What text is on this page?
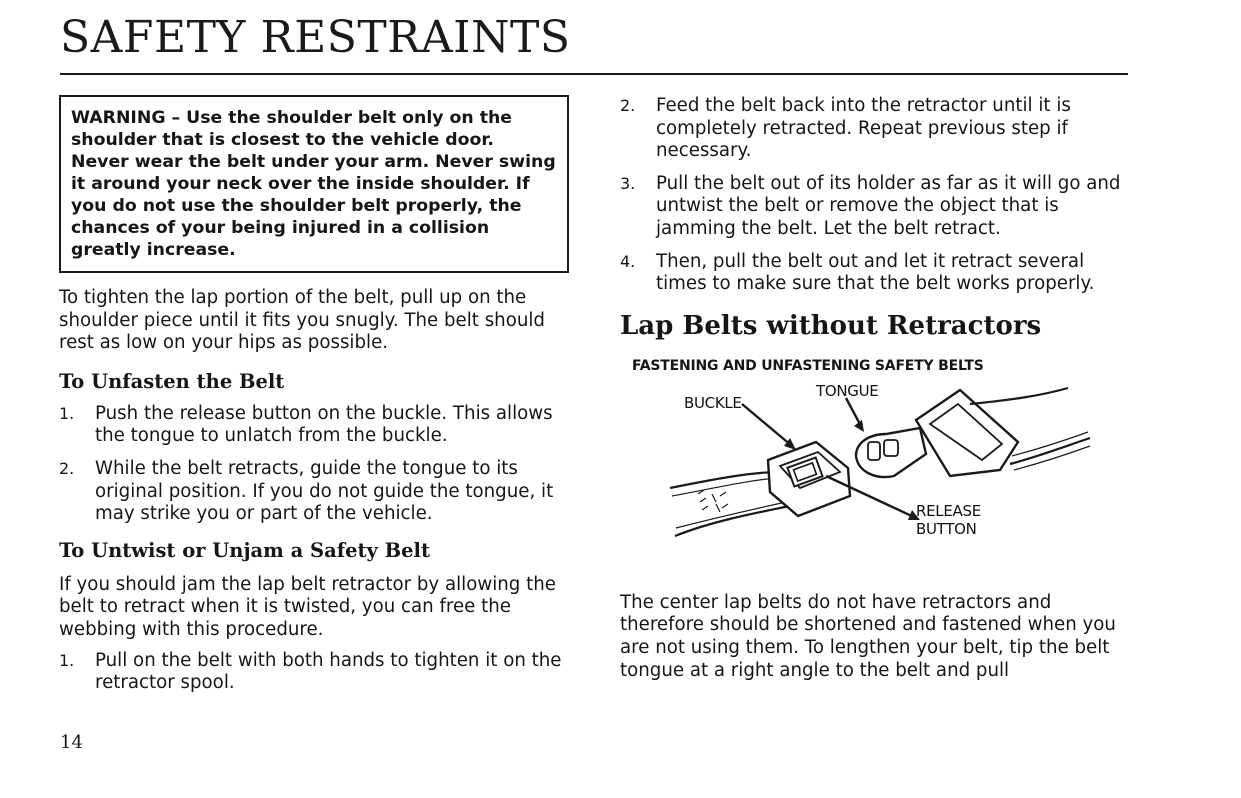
SAFETY RESTRAINTS
WARNING – Use the shoulder belt only on the shoulder that is closest to the vehicle door. Never wear the belt under your arm. Never swing it around your neck over the inside shoulder. If you do not use the shoulder belt properly, the chances of your being injured in a collision greatly increase.

To tighten the lap portion of the belt, pull up on the shoulder piece until it fits you snugly. The belt should rest as low on your hips as possible.

To Unfasten the Belt
1. Push the release button on the buckle. This allows the tongue to unlatch from the buckle.
2. While the belt retracts, guide the tongue to its original position. If you do not guide the tongue, it may strike you or part of the vehicle.
To Untwist or Unjam a Safety Belt

If you should jam the lap belt retractor by allowing the belt to retract when it is twisted, you can free the webbing with this procedure.

1. Pull on the belt with both hands to tighten it on the retractor spool.
2. Feed the belt back into the retractor until it is completely retracted. Repeat previous step if necessary.
3. Pull the belt out of its holder as far as it will go and untwist the belt or remove the object that is jamming the belt. Let the belt retract.
4. Then, pull the belt out and let it retract several times to make sure that the belt works properly.
Lap Belts without Retractors

FASTENING AND UNFASTENING SAFETY BELTS

BUCKLE
TONGUE
RELEASE
BUTTON

The center lap belts do not have retractors and therefore should be shortened and fastened when you are not using them. To lengthen your belt, tip the belt tongue at a right angle to the belt and pull

14
